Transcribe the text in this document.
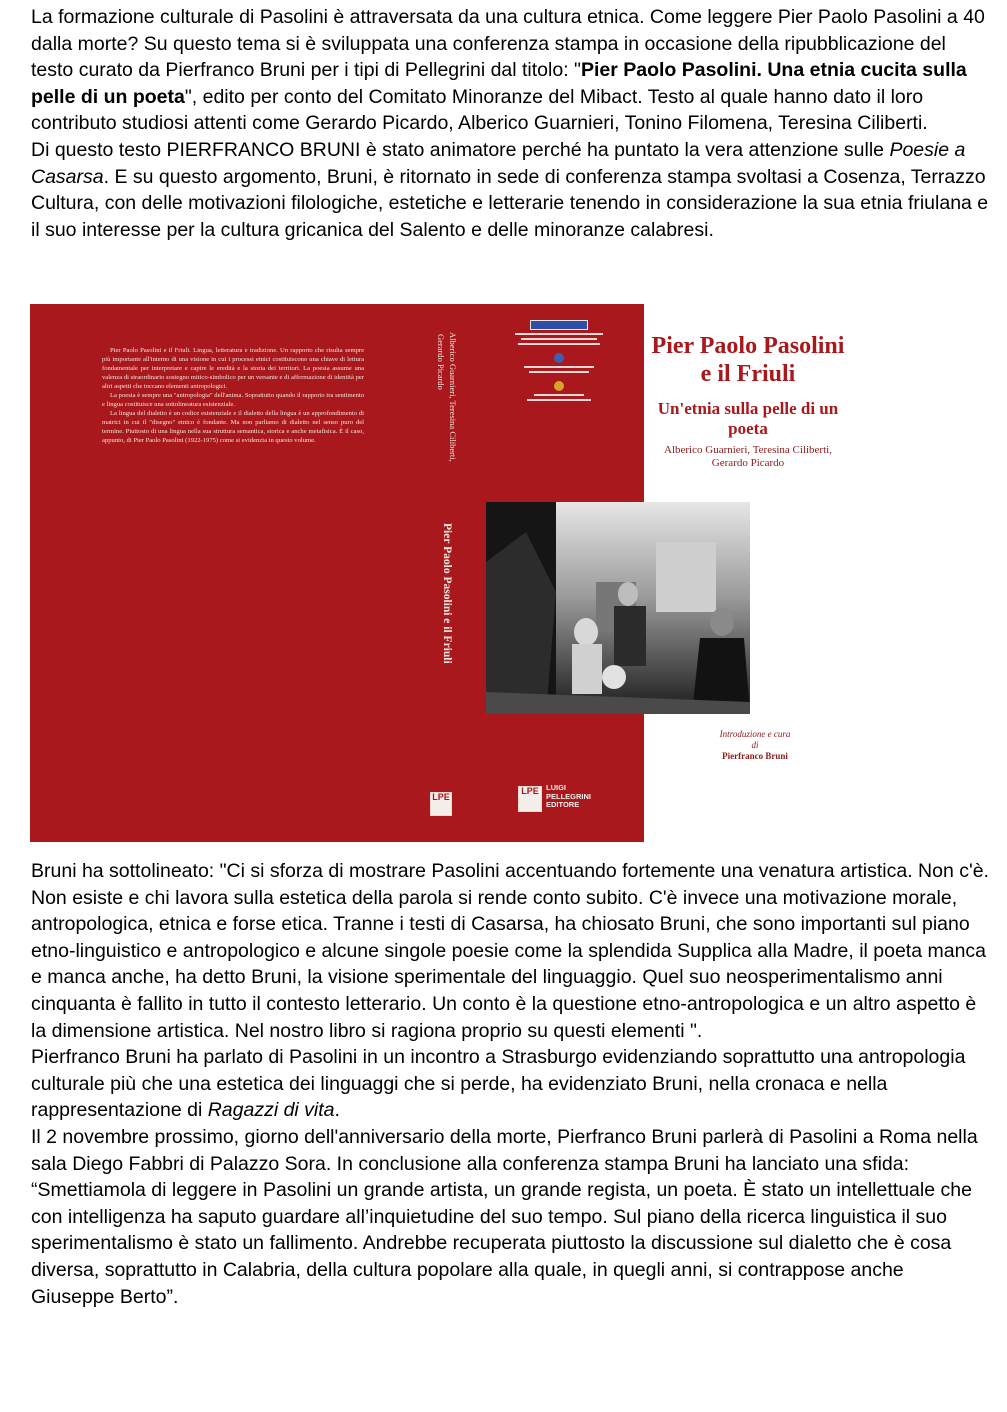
La formazione culturale di Pasolini è attraversata da una cultura etnica. Come leggere Pier Paolo Pasolini a 40 dalla morte? Su questo tema si è sviluppata una conferenza stampa in occasione della ripubblicazione del testo curato da Pierfranco Bruni per i tipi di Pellegrini dal titolo: "Pier Paolo Pasolini. Una etnia cucita sulla pelle di un poeta", edito per conto del Comitato Minoranze del Mibact. Testo al quale hanno dato il loro contributo studiosi attenti come Gerardo Picardo, Alberico Guarnieri, Tonino Filomena, Teresina Ciliberti.
Di questo testo PIERFRANCO BRUNI è stato animatore perché ha puntato la vera attenzione sulle Poesie a Casarsa. E su questo argomento, Bruni, è ritornato in sede di conferenza stampa svoltasi a Cosenza, Terrazzo Cultura, con delle motivazioni filologiche, estetiche e letterarie tenendo in considerazione la sua etnia friulana e il suo interesse per la cultura gricanica del Salento e delle minoranze calabresi.

Pier Paolo Pasolini e il Friuli. Lingua, letteratura e tradizione. Un rapporto che risulta sempre più importante all'interno di una visione in cui i processi etnici costituiscono una chiave di lettura fondamentale per interpretare e capire le eredità e la storia dei territori. La poesia assume una valenza di straordinario sostegno mitico-simbolico per un versante e di affermazione di identità per altri aspetti che toccano elementi antropologici.

La poesia è sempre una "antropologia" dell'anima. Soprattutto quando il rapporto tra sentimento e lingua costituisce una sottolineatura esistenziale.

La lingua del dialetto è un codice esistenziale e il dialetto della lingua è un approfondimento di matrici in cui il "disegno" etnico è fondante. Ma non parliamo di dialetto nel senso puro del termine. Piuttosto di una lingua nella sua struttura semantica, storica e anche metafisica. È il caso, appunto, di Pier Paolo Pasolini (1922-1975) come si evidenzia in questo volume.	Alberico Guarnieri, Teresina Ciliberti,
Gerardo Picardo
Pier Paolo Pasolini e il Friuli
LPE
LPE LUIGI
PELLEGRINI
EDITORE
Pier Paolo Pasolini
e il Friuli
Un'etnia sulla pelle di un poeta
Alberico Guarnieri, Teresina Ciliberti,
Gerardo Picardo
Introduzione e cura
di
Pierfranco Bruni
Bruni ha sottolineato: "Ci si sforza di mostrare Pasolini accentuando fortemente una venatura artistica. Non c'è. Non esiste e chi lavora sulla estetica della parola si rende conto subito. C'è invece una motivazione morale, antropologica, etnica e forse etica. Tranne i testi di Casarsa, ha chiosato Bruni, che sono importanti sul piano etno-linguistico e antropologico e alcune singole poesie come la splendida Supplica alla Madre, il poeta manca e manca anche, ha detto Bruni, la visione sperimentale del linguaggio. Quel suo neosperimentalismo anni cinquanta è fallito in tutto il contesto letterario. Un conto è la questione etno-antropologica e un altro aspetto è la dimensione artistica. Nel nostro libro si ragiona proprio su questi elementi ".
Pierfranco Bruni ha parlato di Pasolini in un incontro a Strasburgo evidenziando soprattutto una antropologia culturale più che una estetica dei linguaggi che si perde, ha evidenziato Bruni, nella cronaca e nella rappresentazione di Ragazzi di vita.
Il 2 novembre prossimo, giorno dell'anniversario della morte, Pierfranco Bruni parlerà di Pasolini a Roma nella sala Diego Fabbri di Palazzo Sora. In conclusione alla conferenza stampa Bruni ha lanciato una sfida: “Smettiamola di leggere in Pasolini un grande artista, un grande regista, un poeta. È stato un intellettuale che con intelligenza ha saputo guardare all’inquietudine del suo tempo. Sul piano della ricerca linguistica il suo sperimentalismo è stato un fallimento. Andrebbe recuperata piuttosto la discussione sul dialetto che è cosa diversa, soprattutto in Calabria, della cultura popolare alla quale, in quegli anni, si contrappose anche Giuseppe Berto”.
